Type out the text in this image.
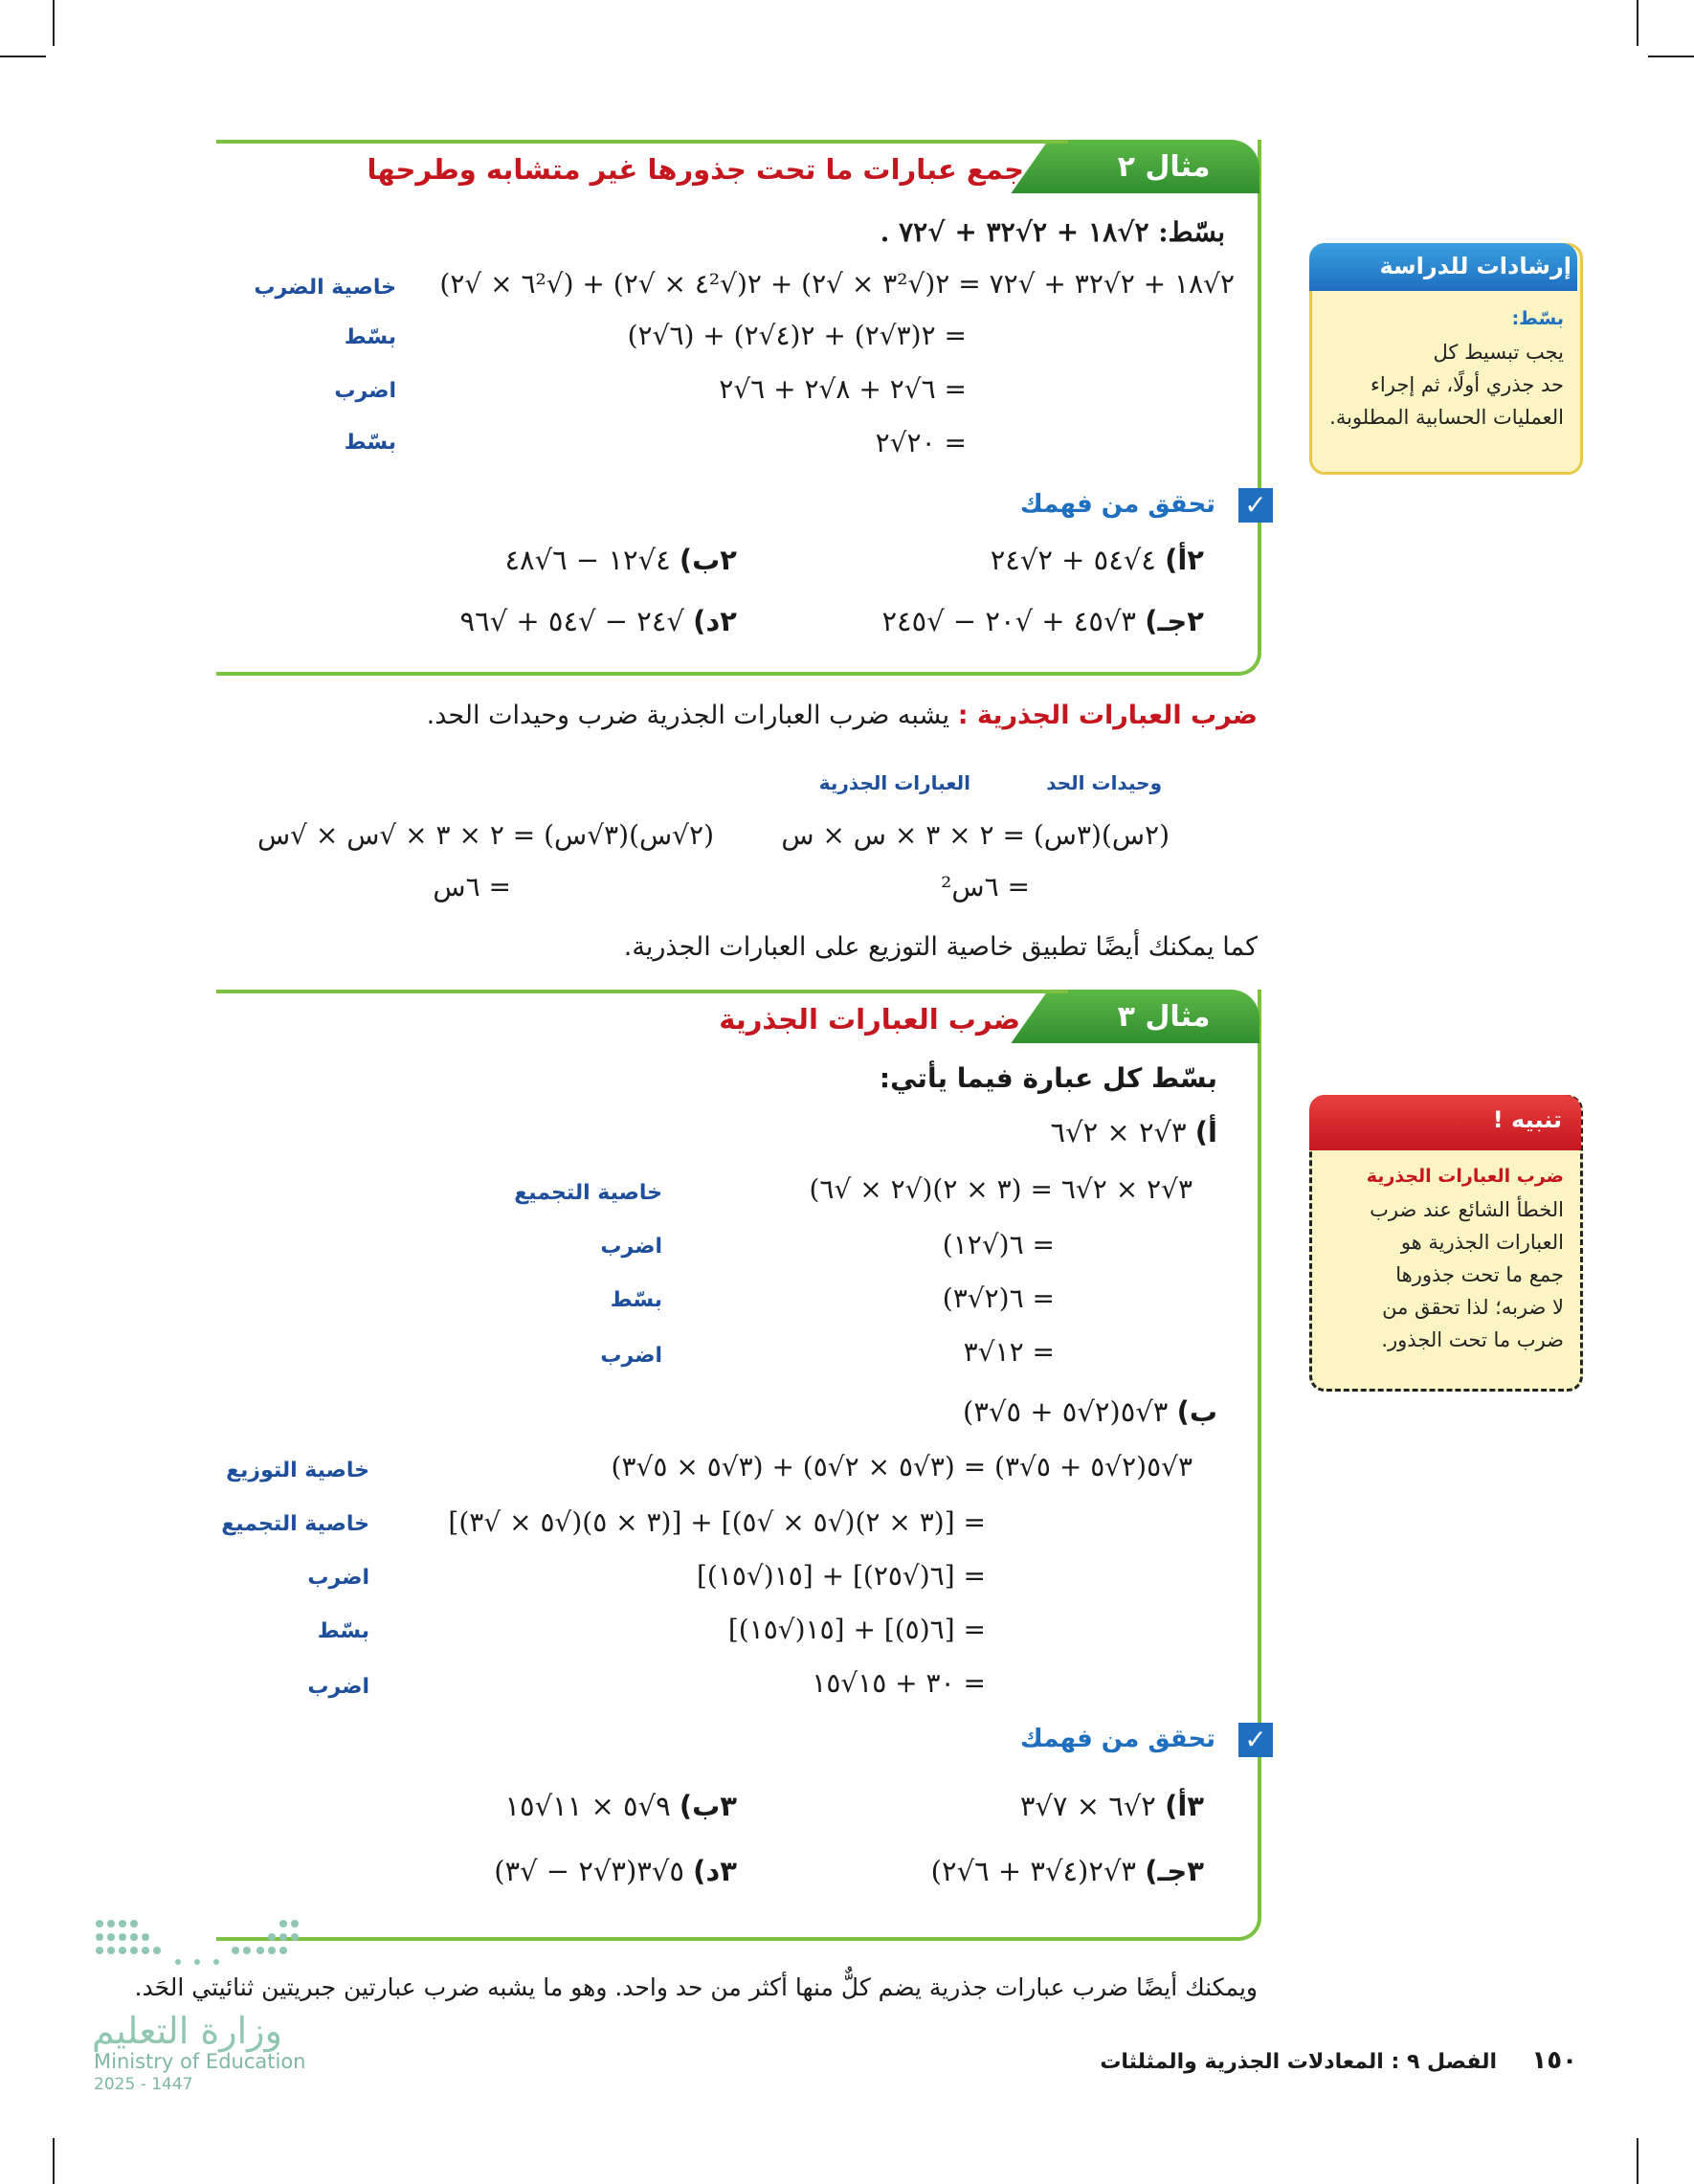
مثال ٢
جمع عبارات ما تحت جذورها غير متشابه وطرحها
بسّط: ٢√١٨ + ٢√٣٢ + √٧٢ .
٢√١٨ + ٢√٣٢ + √٧٢ = ٢(√٣² × √٢) + ٢(√٤² × √٢) + (√٦² × √٢)
خاصية الضرب
= ٢(٣√٢) + ٢(٤√٢) + (٦√٢)
بسّط
= ٦√٢ + ٨√٢ + ٦√٢
اضرب
= ٢٠√٢
بسّط
✓
تحقق من فهمك
٢أ) ٤√٥٤ + ٢√٢٤
٢ب) ٤√١٢ − ٦√٤٨
٢جـ) ٣√٤٥ + √٢٠ − √٢٤٥
٢د) √٢٤ − √٥٤ + √٩٦
إرشادات للدراسة
بسّط:
يجب تبسيط كل
حد جذري أولًا، ثم إجراء
العمليات الحسابية المطلوبة.
ضرب العبارات الجذرية : يشبه ضرب العبارات الجذرية ضرب وحيدات الحد.
وحيدات الحد
العبارات الجذرية
(٢س)(٣س) = ٢ × ٣ × س × س
= ٦س²
(٢√س)(٣√س) = ٢ × ٣ × √س × √س
= ٦س
كما يمكنك أيضًا تطبيق خاصية التوزيع على العبارات الجذرية.
مثال ٣
ضرب العبارات الجذرية
بسّط كل عبارة فيما يأتي:
أ) ٣√٢ × ٢√٦
٣√٢ × ٢√٦ = (٣ × ٢)(√٢ × √٦)
خاصية التجميع
= ٦(√١٢)
اضرب
= ٦(٢√٣)
بسّط
= ١٢√٣
اضرب
ب) ٣√٥(٢√٥ + ٥√٣)
٣√٥(٢√٥ + ٥√٣) = (٣√٥ × ٢√٥) + (٣√٥ × ٥√٣)
خاصية التوزيع
= [(٣ × ٢)(√٥ × √٥)] + [(٣ × ٥)(√٥ × √٣)]
خاصية التجميع
= [٦(√٢٥)] + [١٥(√١٥)]
اضرب
= [٦(٥)] + [١٥(√١٥)]
بسّط
= ٣٠ + ١٥√١٥
اضرب
✓
تحقق من فهمك
٣أ) ٢√٦ × ٧√٣
٣ب) ٩√٥ × ١١√١٥
٣جـ) ٣√٢(٤√٣ + ٦√٢)
٣د) ٥√٣(٣√٢ − √٣)
تنبيه !
ضرب العبارات الجذرية
الخطأ الشائع عند ضرب
العبارات الجذرية هو
جمع ما تحت جذورها
لا ضربه؛ لذا تحقق من
ضرب ما تحت الجذور.
ويمكنك أيضًا ضرب عبارات جذرية يضم كلٌّ منها أكثر من حد واحد. وهو ما يشبه ضرب عبارتين جبريتين ثنائيتي الحَد.
وزارة التعليم
Ministry of Education
2025 - 1447
١٥٠
الفصل ٩ : المعادلات الجذرية والمثلثات
